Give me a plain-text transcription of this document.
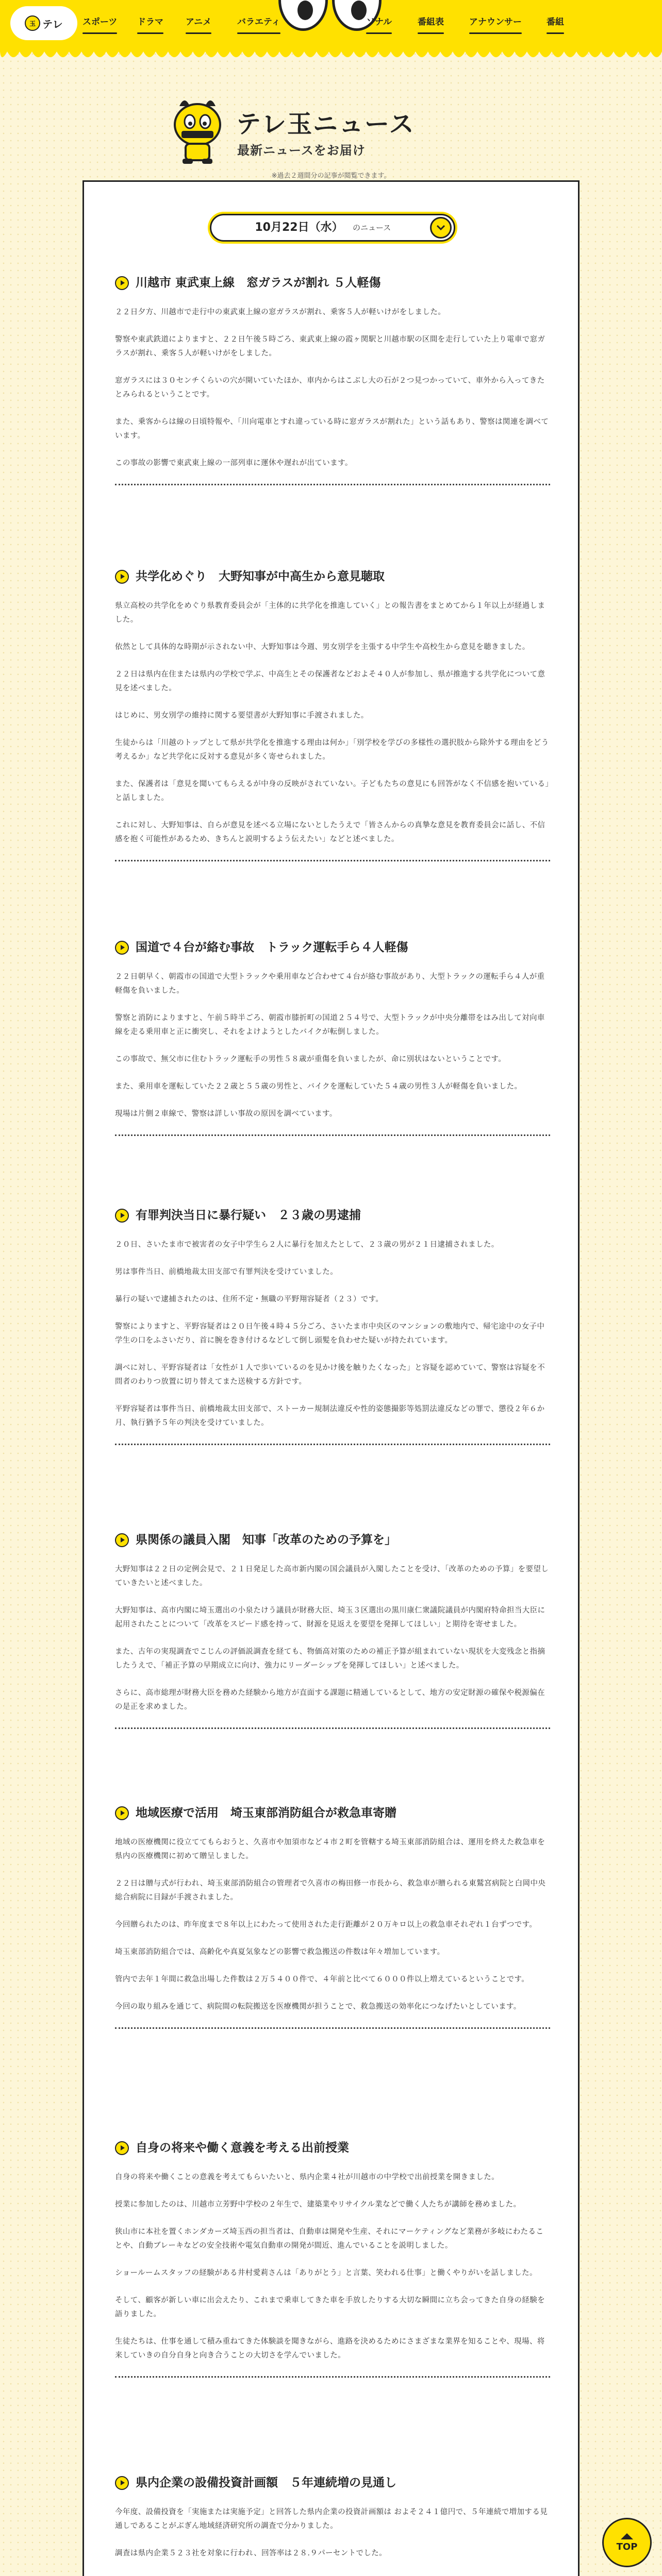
玉 テレ スポーツ ドラマ	アニメ	バラエティ	ソナル	番組表	アナウンサー	番組
テレ玉ニュース
最新ニュースをお届け
※過去２週間分の記事が閲覧できます。
10月22日（水）	のニュース
川越市 東武東上線　窓ガラスが割れ ５人軽傷

２２日夕方、川越市で走行中の東武東上線の窓ガラスが割れ、乗客５人が軽いけがをしました。

警察や東武鉄道によりますと、２２日午後５時ごろ、東武東上線の霞ヶ関駅と川越市駅の区間を走行していた上り電車で窓ガラスが割れ、乗客５人が軽いけがをしました。

窓ガラスには３０センチくらいの穴が開いていたほか、車内からはこぶし大の石が２つ見つかっていて、車外から入ってきたとみられるということです。

また、乗客からは線の日頃特報や、「川向電車とすれ違っている時に窓ガラスが割れた」という話もあり、警察は関連を調べています。

この事故の影響で東武東上線の一部列車に運休や遅れが出ています。

共学化めぐり　大野知事が中高生から意見聴取

県立高校の共学化をめぐり県教育委員会が「主体的に共学化を推進していく」との報告書をまとめてから１年以上が経過しました。

依然として具体的な時期が示されない中、大野知事は今週、男女別学を主張する中学生や高校生から意見を聴きました。

２２日は県内在住または県内の学校で学ぶ、中高生とその保護者などおよそ４０人が参加し、県が推進する共学化について意見を述べました。

はじめに、男女別学の維持に関する要望書が大野知事に手渡されました。

生徒からは「川越のトップとして県が共学化を推進する理由は何か」「別学校を学びの多様性の選択肢から除外する理由をどう考えるか」など共学化に反対する意見が多く寄せられました。

また、保護者は「意見を聞いてもらえるが中身の反映がされていない。子どもたちの意見にも回答がなく不信感を抱いている」と話しました。

これに対し、大野知事は、自らが意見を述べる立場にないとしたうえで「皆さんからの真摯な意見を教育委員会に話し、不信感を抱く可能性があるため、きちんと説明するよう伝えたい」などと述べました。

国道で４台が絡む事故　トラック運転手ら４人軽傷

２２日朝早く、朝霞市の国道で大型トラックや乗用車など合わせて４台が絡む事故があり、大型トラックの運転手ら４人が重軽傷を負いました。

警察と消防によりますと、午前５時半ごろ、朝霞市膝折町の国道２５４号で、大型トラックが中央分離帯をはみ出して対向車線を走る乗用車と正に衝突し、それをよけようとしたバイクが転倒しました。

この事故で、無父市に住むトラック運転手の男性５８歳が重傷を負いましたが、命に別状はないということです。

また、乗用車を運転していた２２歳と５５歳の男性と、バイクを運転していた５４歳の男性３人が軽傷を負いました。

現場は片側２車線で、警察は詳しい事故の原因を調べています。

有罪判決当日に暴行疑い　２３歳の男逮捕

２０日、さいたま市で被害者の女子中学生ら２人に暴行を加えたとして、２３歳の男が２１日逮捕されました。

男は事件当日、前橋地裁太田支部で有罪判決を受けていました。

暴行の疑いで逮捕されたのは、住所不定・無職の平野翔容疑者（２３）です。

警察によりますと、平野容疑者は２０日午後４時４５分ごろ、さいたま市中央区のマンションの敷地内で、帰宅途中の女子中学生の口をふさいだり、首に腕を巻き付けるなどして倒し頭髪を負わせた疑いが持たれています。

調べに対し、平野容疑者は「女性が１人で歩いているのを見かけ後を触りたくなった」と容疑を認めていて、警察は容疑を不問者のわりつ放置に切り替えてまた送検する方針です。

平野容疑者は事件当日、前橋地裁太田支部で、ストーカー規制法違反や性的姿態撮影等処罰法違反などの罪で、懲役２年６か月、執行猶予５年の判決を受けていました。

県関係の議員入閣　知事「改革のための予算を」

大野知事は２２日の定例会見で、２１日発足した高市新内閣の国会議員が入閣したことを受け、「改革のための予算」を要望していきたいと述べました。

大野知事は、高市内閣に埼玉選出の小泉たけう議員が財務大臣、埼玉３区選出の黒川康仁衆議院議員が内閣府特命担当大臣に起用されたことについて「改革をスピード感を持って、財源を見返えを要望を発揮してほしい」と期待を寄せました。

また、古年の実現調査でこじんの評価説調査を経ても、物価高対策のための補正予算が組まれていない現状を大変残念と指摘したうえで、「補正予算の早期成立に向け、強力にリーダーシップを発揮してほしい」と述べました。

さらに、高市総理が財務大臣を務めた経験から地方が直面する課題に精通しているとして、地方の安定財源の確保や税源偏在の是正を求めました。

地域医療で活用　埼玉東部消防組合が救急車寄贈

地域の医療機関に役立ててもらおうと、久喜市や加須市など４市２町を管轄する埼玉東部消防組合は、運用を終えた救急車を県内の医療機関に初めて贈呈しました。

２２日は贈与式が行われ、埼玉東部消防組合の管理者で久喜市の梅田修一市長から、救急車が贈られる東鷲宮病院と白岡中央総合病院に目録が手渡されました。

今回贈られたのは、昨年度まで８年以上にわたって使用された走行距離が２０万キロ以上の救急車それぞれ１台ずつです。

埼玉東部消防組合では、高齢化や真夏気象などの影響で救急搬送の件数は年々増加しています。

管内で去年１年間に救急出場した件数は２万５４００件で、４年前と比べて６０００件以上増えているということです。

今回の取り組みを通じて、病院間の転院搬送を医療機関が担うことで、救急搬送の効率化につなげたいとしています。

自身の将来や働く意義を考える出前授業

自身の将来や働くことの意義を考えてもらいたいと、県内企業４社が川越市の中学校で出前授業を開きました。

授業に参加したのは、川越市立芳野中学校の２年生で、建築業やリサイクル業などで働く人たちが講師を務めました。

狭山市に本社を置くホンダカーズ埼玉西の担当者は、自動車は開発や生産、それにマーケティングなど業務が多岐にわたることや、自動ブレーキなどの安全技術や電気自動車の開発が間近、進んでいることを説明しました。

ショールームスタッフの経験がある井村愛莉さんは「ありがとう」と言葉、笑われる仕事」と働くやりがいを話しました。

そして、顧客が新しい車に出会えたり、これまで乗車してきた車を手放したりする大切な瞬間に立ち会ってきた自身の経験を語りました。

生徒たちは、仕事を通して積み重ねてきた体験談を聞きながら、進路を決めるためにさまざまな業界を知ることや、現場、将来していきの自分自身と向き合うことの大切さを学んでいました。

県内企業の設備投資計画額　５年連続増の見通し

今年度、設備投資を「実施または実施予定」と回答した県内企業の投資計画額は およそ２４１億円で、５年連続で増加する見通しであることがぶぎん地域経済研究所の調査で分かりました。

調査は県内企業５２３社を対象に行われ、回答率は２８.９パーセントでした。

TOP
